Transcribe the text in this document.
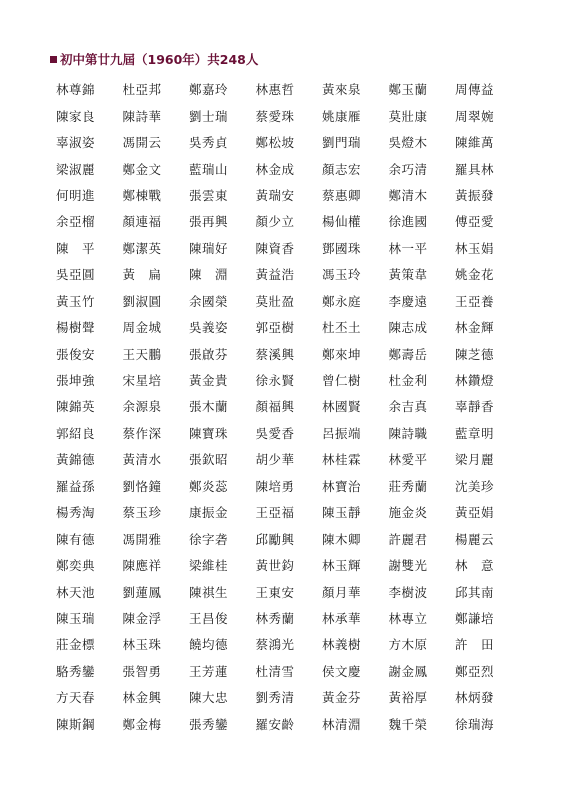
初中第廿九屆（1960年）共248人
林尊錦	杜亞邦	鄭嘉玲	林惠哲	黃來泉	鄭玉蘭	周傳益
陳家良	陳詩華	劉士瑞	蔡愛珠	姚康雁	莫壯康	周翠婉
辜淑姿	馮開云	吳秀貞	鄭松坡	劉門瑞	吳燈木	陳維萬
梁淑麗	鄭金文	藍瑞山	林金成	顏志宏	余巧清	羅具林
何明進	鄭棟戰	張雲東	黃瑞安	蔡惠卿	鄭清木	黃振發
余亞榴	顏連福	張再興	顏少立	楊仙權	徐進國	傅亞愛
陳　平	鄭潔英	陳瑞好	陳資香	鄧國珠	林一平	林玉娟
吳亞圓	黃　扁	陳　淵	黃益浩	馮玉玲	黃策韋	姚金花
黃玉竹	劉淑圓	余國榮	莫壯盈	鄭永庭	李慶遠	王亞養
楊樹聲	周金城	吳義姿	郭亞樹	杜丕土	陳志成	林金輝
張俊安	王天鵬	張啟芬	蔡溪興	鄭來坤	鄭壽岳	陳芝德
張坤強	宋星培	黃金貴	徐永賢	曾仁樹	杜金利	林鑽燈
陳錦英	余源泉	張木蘭	顏福興	林國賢	余吉真	辜靜香
郭紹良	蔡作深	陳寶珠	吳愛香	呂振端	陳詩職	藍章明
黃錦德	黃清水	張欽昭	胡少華	林桂霖	林愛平	梁月麗
羅益孫	劉恪鐘	鄭炎蕊	陳培勇	林寶治	莊秀蘭	沈美珍
楊秀淘	蔡玉珍	康振金	王亞福	陳玉靜	施金炎	黃亞娟
陳有德	馮開雅	徐字砻	邱勵興	陳木卿	許麗君	楊麗云
鄭奕典	陳應祥	梁維桂	黃世鈞	林玉輝	謝雙光	林　意
林天池	劉蓮鳳	陳祺生	王東安	顏月華	李樹波	邱其南
陳玉瑞	陳金浮	王昌俊	林秀蘭	林承華	林專立	鄭謙培
莊金標	林玉珠	饒均德	蔡鴻光	林義樹	方木原	許　田
駱秀鑾	張智勇	王芳蓮	杜清雪	侯文慶	謝金鳳	鄭亞烈
方天春	林金興	陳大忠	劉秀清	黃金芬	黃裕厚	林炳發
陳斯鋼	鄭金梅	張秀鑾	羅安齡	林清淵	魏千榮	徐瑞海
